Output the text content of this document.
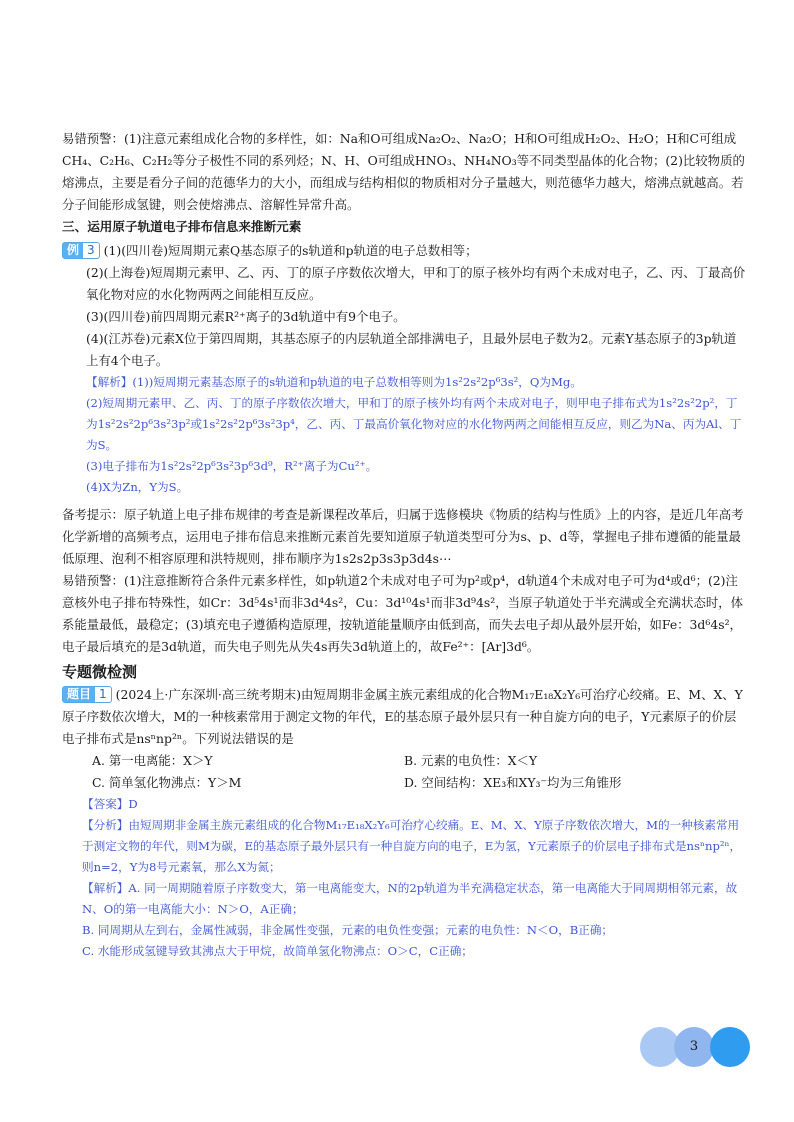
易错预警：(1)注意元素组成化合物的多样性，如：Na和O可组成Na₂O₂、Na₂O；H和O可组成H₂O₂、H₂O；H和C可组成CH₄、C₂H₆、C₂H₂等分子极性不同的系列烃；N、H、O可组成HNO₃、NH₄NO₃等不同类型晶体的化合物；(2)比较物质的熔沸点，主要是看分子间的范德华力的大小，而组成与结构相似的物质相对分子量越大，则范德华力越大，熔沸点就越高。若分子间能形成氢键，则会使熔沸点、溶解性异常升高。

三、运用原子轨道电子排布信息来推断元素

例 3 (1)(四川卷)短周期元素Q基态原子的s轨道和p轨道的电子总数相等；

(2)(上海卷)短周期元素甲、乙、丙、丁的原子序数依次增大，甲和丁的原子核外均有两个未成对电子，乙、丙、丁最高价氧化物对应的水化物两两之间能相互反应。

(3)(四川卷)前四周期元素R²⁺离子的3d轨道中有9个电子。

(4)(江苏卷)元素X位于第四周期，其基态原子的内层轨道全部排满电子，且最外层电子数为2。元素Y基态原子的3p轨道上有4个电子。

【解析】(1))短周期元素基态原子的s轨道和p轨道的电子总数相等则为1s²2s²2p⁶3s²，Q为Mg。

(2)短周期元素甲、乙、丙、丁的原子序数依次增大，甲和丁的原子核外均有两个未成对电子，则甲电子排布式为1s²2s²2p²，丁为1s²2s²2p⁶3s²3p²或1s²2s²2p⁶3s²3p⁴，乙、丙、丁最高价氧化物对应的水化物两两之间能相互反应，则乙为Na、丙为Al、丁为S。

(3)电子排布为1s²2s²2p⁶3s²3p⁶3d⁹，R²⁺离子为Cu²⁺。

(4)X为Zn，Y为S。

备考提示：原子轨道上电子排布规律的考查是新课程改革后，归属于选修模块《物质的结构与性质》上的内容，是近几年高考化学新增的高频考点，运用电子排布信息来推断元素首先要知道原子轨道类型可分为s、p、d等，掌握电子排布遵循的能量最低原理、泡利不相容原理和洪特规则，排布顺序为1s2s2p3s3p3d4s⋯

易错预警：(1)注意推断符合条件元素多样性，如p轨道2个未成对电子可为p²或p⁴，d轨道4个未成对电子可为d⁴或d⁶；(2)注意核外电子排布特殊性，如Cr：3d⁵4s¹而非3d⁴4s²，Cu：3d¹⁰4s¹而非3d⁹4s²，当原子轨道处于半充满或全充满状态时，体系能量最低，最稳定；(3)填充电子遵循构造原理，按轨道能量顺序由低到高，而失去电子却从最外层开始，如Fe：3d⁶4s²，电子最后填充的是3d轨道，而失电子则先从失4s再失3d轨道上的，故Fe²⁺：[Ar]3d⁶。

专题微检测

题目 1 (2024上·广东深圳·高三统考期末)由短周期非金属主族元素组成的化合物M₁₇E₁₈X₂Y₆可治疗心绞痛。E、M、X、Y原子序数依次增大，M的一种核素常用于测定文物的年代，E的基态原子最外层只有一种自旋方向的电子，Y元素原子的价层电子排布式是nsⁿnp²ⁿ。下列说法错误的是

A. 第一电离能：X＞Y	B. 元素的电负性：X＜Y
C. 简单氢化物沸点：Y＞M	D. 空间结构：XE₃和XY₃⁻均为三角锥形

【答案】D

【分析】由短周期非金属主族元素组成的化合物M₁₇E₁₈X₂Y₆可治疗心绞痛。E、M、X、Y原子序数依次增大，M的一种核素常用于测定文物的年代，则M为碳，E的基态原子最外层只有一种自旋方向的电子，E为氢，Y元素原子的价层电子排布式是nsⁿnp²ⁿ，则n=2，Y为8号元素氧，那么X为氮；

【解析】A. 同一周期随着原子序数变大，第一电离能变大，N的2p轨道为半充满稳定状态，第一电离能大于同周期相邻元素，故N、O的第一电离能大小：N＞O，A正确；

B. 同周期从左到右，金属性减弱，非金属性变强，元素的电负性变强；元素的电负性：N＜O，B正确；

C. 水能形成氢键导致其沸点大于甲烷，故简单氢化物沸点：O＞C，C正确；

3
